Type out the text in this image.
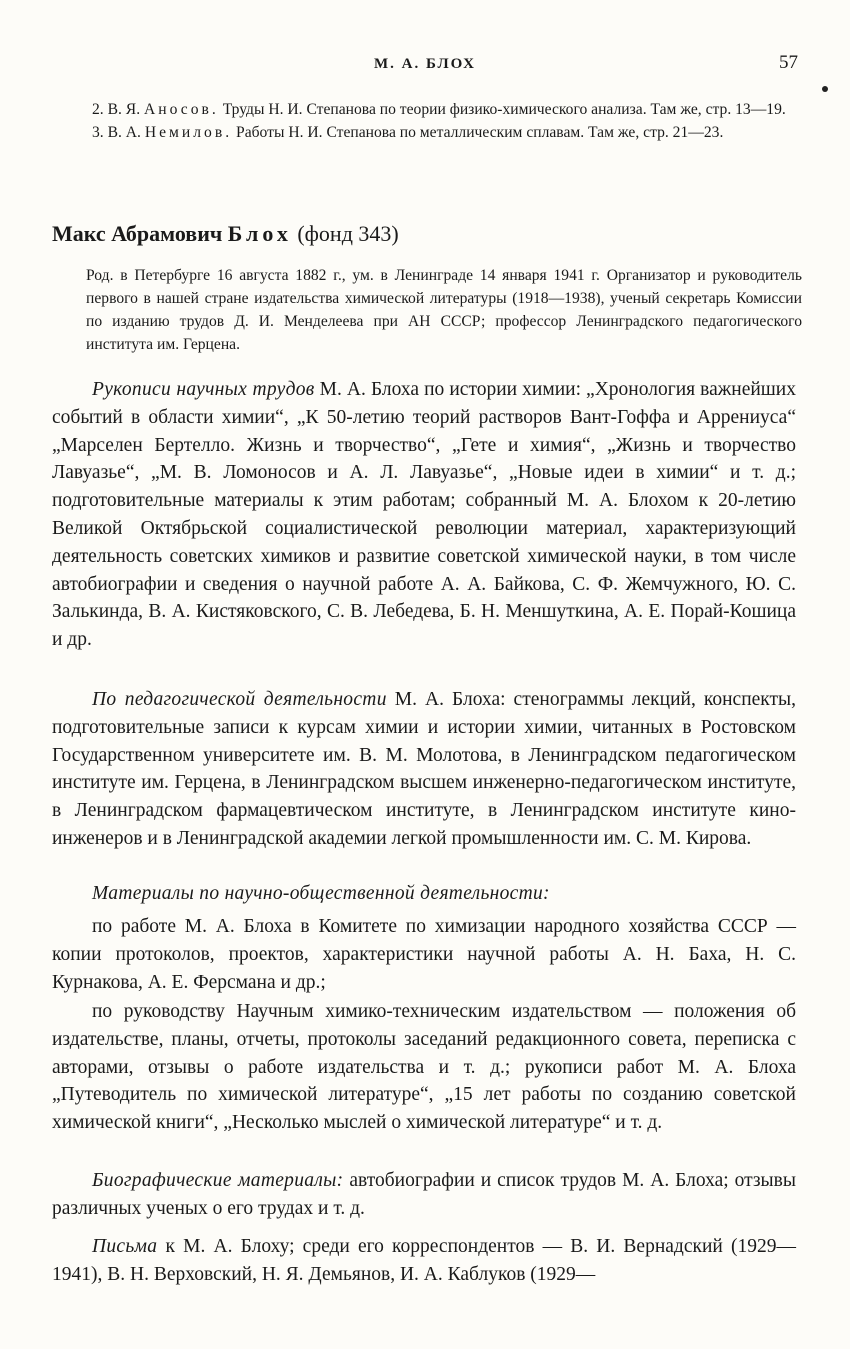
М. А. БЛОХ	57

2. В. Я. Аносов. Труды Н. И. Степанова по теории физико-химического анализа. Там же, стр. 13—19.

3. В. А. Немилов. Работы Н. И. Степанова по металлическим сплавам. Там же, стр. 21—23.

Макс Абрамович Блох (фонд 343)

Род. в Петербурге 16 августа 1882 г., ум. в Ленинграде 14 января 1941 г. Организатор и руководитель первого в нашей стране издательства химической литературы (1918—1938), ученый секретарь Комиссии по изданию трудов Д. И. Менделеева при АН СССР; профессор Ленинградского педагогического института им. Герцена.

Рукописи научных трудов М. А. Блоха по истории химии: „Хронология важнейших событий в области химии“, „К 50-летию теорий растворов Вант-Гоффа и Аррениуса“ „Марселен Бертелло. Жизнь и творчество“, „Гете и химия“, „Жизнь и творчество Лавуазье“, „М. В. Ломоносов и А. Л. Лавуазье“, „Новые идеи в химии“ и т. д.; подготовительные материалы к этим работам; собранный М. А. Блохом к 20-летию Великой Октябрьской социалистической революции материал, характеризующий деятельность советских химиков и развитие советской химической науки, в том числе автобиографии и сведения о научной работе А. А. Байкова, С. Ф. Жемчужного, Ю. С. Залькинда, В. А. Кистяковского, С. В. Лебедева, Б. Н. Меншуткина, А. Е. Порай-Кошица и др.

По педагогической деятельности М. А. Блоха: стенограммы лекций, конспекты, подготовительные записи к курсам химии и истории химии, читанных в Ростовском Государственном университете им. В. М. Молотова, в Ленинградском педагогическом институте им. Герцена, в Ленинградском высшем инженерно-педагогическом институте, в Ленинградском фармацевтическом институте, в Ленинградском институте кино-инженеров и в Ленинградской академии легкой промышленности им. С. М. Кирова.

Материалы по научно-общественной деятельности:

по работе М. А. Блоха в Комитете по химизации народного хозяйства СССР — копии протоколов, проектов, характеристики научной работы А. Н. Баха, Н. С. Курнакова, А. Е. Ферсмана и др.;

по руководству Научным химико-техническим издательством — положения об издательстве, планы, отчеты, протоколы заседаний редакционного совета, переписка с авторами, отзывы о работе издательства и т. д.; рукописи работ М. А. Блоха „Путеводитель по химической литературе“, „15 лет работы по созданию советской химической книги“, „Несколько мыслей о химической литературе“ и т. д.

Биографические материалы: автобиографии и список трудов М. А. Блоха; отзывы различных ученых о его трудах и т. д.

Письма к М. А. Блоху; среди его корреспондентов — В. И. Вернадский (1929—1941), В. Н. Верховский, Н. Я. Демьянов, И. А. Каблуков (1929—
